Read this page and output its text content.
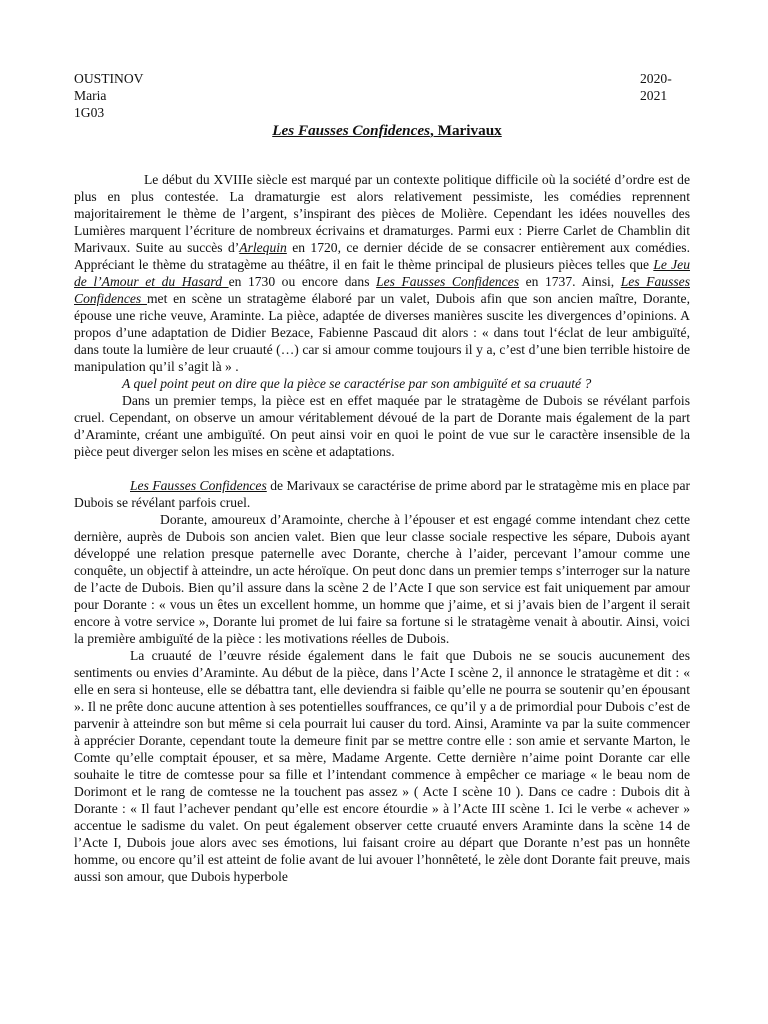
OUSTINOV
Maria
1G03
2020-
2021
Les Fausses Confidences, Marivaux

Le début du XVIIIe siècle est marqué par un contexte politique difficile où la société d’ordre est de plus en plus contestée. La dramaturgie est alors relativement pessimiste, les comédies reprennent majoritairement le thème de l’argent, s’inspirant des pièces de Molière. Cependant les idées nouvelles des Lumières marquent l’écriture de nombreux écrivains et dramaturges. Parmi eux : Pierre Carlet de Chamblin dit Marivaux. Suite au succès d’Arlequin en 1720, ce dernier décide de se consacrer entièrement aux comédies. Appréciant le thème du stratagème au théâtre, il en fait le thème principal de plusieurs pièces telles que Le Jeu de l’Amour et du Hasard en 1730 ou encore dans Les Fausses Confidences en 1737. Ainsi, Les Fausses Confidences met en scène un stratagème élaboré par un valet, Dubois afin que son ancien maître, Dorante, épouse une riche veuve, Araminte. La pièce, adaptée de diverses manières suscite les divergences d’opinions. A propos d’une adaptation de Didier Bezace, Fabienne Pascaud dit alors : « dans tout l‘éclat de leur ambiguïté, dans toute la lumière de leur cruauté (…) car si amour comme toujours il y a, c’est d’une bien terrible histoire de manipulation qu’il s’agit là » .

A quel point peut on dire que la pièce se caractérise par son ambiguïté et sa cruauté ?

Dans un premier temps, la pièce est en effet maquée par le stratagème de Dubois se révélant parfois cruel. Cependant, on observe un amour véritablement dévoué de la part de Dorante mais également de la part d’Araminte, créant une ambiguïté. On peut ainsi voir en quoi le point de vue sur le caractère insensible de la pièce peut diverger selon les mises en scène et adaptations.

Les Fausses Confidences de Marivaux se caractérise de prime abord par le stratagème mis en place par Dubois se révélant parfois cruel.

Dorante, amoureux d’Aramointe, cherche à l’épouser et est engagé comme intendant chez cette dernière, auprès de Dubois son ancien valet. Bien que leur classe sociale respective les sépare, Dubois ayant développé une relation presque paternelle avec Dorante, cherche à l’aider, percevant l’amour comme une conquête, un objectif à atteindre, un acte héroïque. On peut donc dans un premier temps s’interroger sur la nature de l’acte de Dubois. Bien qu’il assure dans la scène 2 de l’Acte I que son service est fait uniquement par amour pour Dorante : « vous un êtes un excellent homme, un homme que j’aime, et si j’avais bien de l’argent il serait encore à votre service », Dorante lui promet de lui faire sa fortune si le stratagème venait à aboutir. Ainsi, voici la première ambiguïté de la pièce : les motivations réelles de Dubois.

La cruauté de l’œuvre réside également dans le fait que Dubois ne se soucis aucunement des sentiments ou envies d’Araminte. Au début de la pièce, dans l’Acte I scène 2, il annonce le stratagème et dit : « elle en sera si honteuse, elle se débattra tant, elle deviendra si faible qu’elle ne pourra se soutenir qu’en épousant ». Il ne prête donc aucune attention à ses potentielles souffrances, ce qu’il y a de primordial pour Dubois c’est de parvenir à atteindre son but même si cela pourrait lui causer du tord. Ainsi, Araminte va par la suite commencer à apprécier Dorante, cependant toute la demeure finit par se mettre contre elle : son amie et servante Marton, le Comte qu’elle comptait épouser, et sa mère, Madame Argente. Cette dernière n’aime point Dorante car elle souhaite le titre de comtesse pour sa fille et l’intendant commence à empêcher ce mariage « le beau nom de Dorimont et le rang de comtesse ne la touchent pas assez » ( Acte I scène 10 ). Dans ce cadre : Dubois dit à Dorante : « Il faut l’achever pendant qu’elle est encore étourdie » à l’Acte III scène 1. Ici le verbe « achever » accentue le sadisme du valet. On peut également observer cette cruauté envers Araminte dans la scène 14 de l’Acte I, Dubois joue alors avec ses émotions, lui faisant croire au départ que Dorante n’est pas un honnête homme, ou encore qu’il est atteint de folie avant de lui avouer l’honnêteté, le zèle dont Dorante fait preuve, mais aussi son amour, que Dubois hyperbole
